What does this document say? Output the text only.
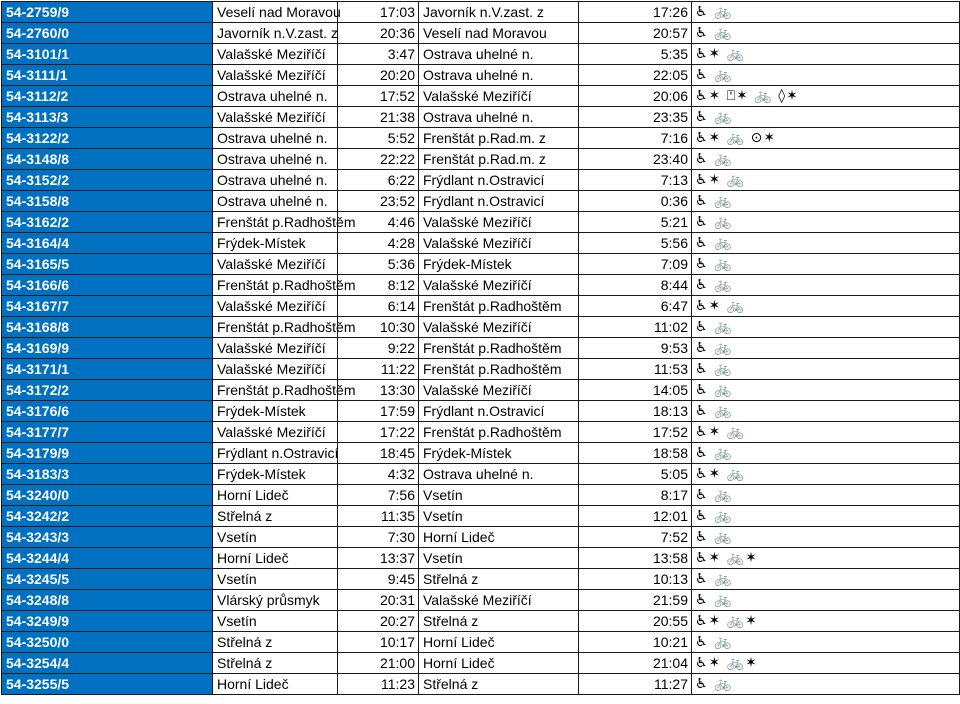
54-2759/9	Veselí nad Moravou	17:03	Javorník n.V.zast. z	17:26	♿ 🚲
54-2760/0	Javorník n.V.zast. z	20:36	Veselí nad Moravou	20:57	♿ 🚲
54-3101/1	Valašské Meziříčí	3:47	Ostrava uhelné n.	5:35	♿✶ 🚲
54-3111/1	Valašské Meziříčí	20:20	Ostrava uhelné n.	22:05	♿ 🚲
54-3112/2	Ostrava uhelné n.	17:52	Valašské Meziříčí	20:06	♿✶ ⍞✶ 🚲 ◊✶
54-3113/3	Valašské Meziříčí	21:38	Ostrava uhelné n.	23:35	♿ 🚲
54-3122/2	Ostrava uhelné n.	5:52	Frenštát p.Rad.m. z	7:16	♿✶ 🚲 ⊙✶
54-3148/8	Ostrava uhelné n.	22:22	Frenštát p.Rad.m. z	23:40	♿ 🚲
54-3152/2	Ostrava uhelné n.	6:22	Frýdlant n.Ostravicí	7:13	♿✶ 🚲
54-3158/8	Ostrava uhelné n.	23:52	Frýdlant n.Ostravicí	0:36	♿ 🚲
54-3162/2	Frenštát p.Radhoštěm	4:46	Valašské Meziříčí	5:21	♿ 🚲
54-3164/4	Frýdek-Místek	4:28	Valašské Meziříčí	5:56	♿ 🚲
54-3165/5	Valašské Meziříčí	5:36	Frýdek-Místek	7:09	♿ 🚲
54-3166/6	Frenštát p.Radhoštěm	8:12	Valašské Meziříčí	8:44	♿ 🚲
54-3167/7	Valašské Meziříčí	6:14	Frenštát p.Radhoštěm	6:47	♿✶ 🚲
54-3168/8	Frenštát p.Radhoštěm	10:30	Valašské Meziříčí	11:02	♿ 🚲
54-3169/9	Valašské Meziříčí	9:22	Frenštát p.Radhoštěm	9:53	♿ 🚲
54-3171/1	Valašské Meziříčí	11:22	Frenštát p.Radhoštěm	11:53	♿ 🚲
54-3172/2	Frenštát p.Radhoštěm	13:30	Valašské Meziříčí	14:05	♿ 🚲
54-3176/6	Frýdek-Místek	17:59	Frýdlant n.Ostravicí	18:13	♿ 🚲
54-3177/7	Valašské Meziříčí	17:22	Frenštát p.Radhoštěm	17:52	♿✶ 🚲
54-3179/9	Frýdlant n.Ostravicí	18:45	Frýdek-Místek	18:58	♿ 🚲
54-3183/3	Frýdek-Místek	4:32	Ostrava uhelné n.	5:05	♿✶ 🚲
54-3240/0	Horní Lideč	7:56	Vsetín	8:17	♿ 🚲
54-3242/2	Střelná z	11:35	Vsetín	12:01	♿ 🚲
54-3243/3	Vsetín	7:30	Horní Lideč	7:52	♿ 🚲
54-3244/4	Horní Lideč	13:37	Vsetín	13:58	♿✶ 🚲✶
54-3245/5	Vsetín	9:45	Střelná z	10:13	♿ 🚲
54-3248/8	Vlárský průsmyk	20:31	Valašské Meziříčí	21:59	♿ 🚲
54-3249/9	Vsetín	20:27	Střelná z	20:55	♿✶ 🚲✶
54-3250/0	Střelná z	10:17	Horní Lideč	10:21	♿ 🚲
54-3254/4	Střelná z	21:00	Horní Lideč	21:04	♿✶ 🚲✶
54-3255/5	Horní Lideč	11:23	Střelná z	11:27	♿ 🚲
